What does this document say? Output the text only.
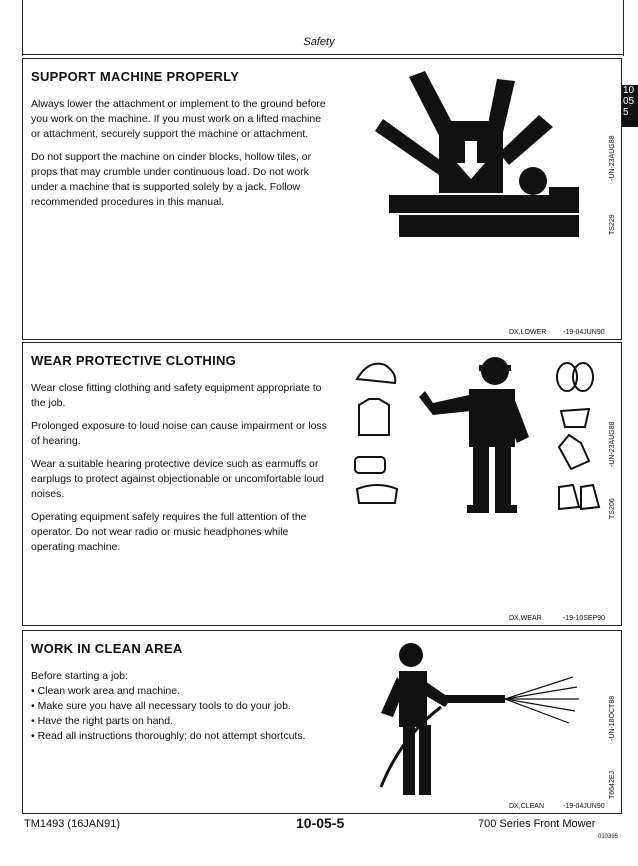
Safety
10
05
5
SUPPORT MACHINE PROPERLY

Always lower the attachment or implement to the ground before you work on the machine. If you must work on a lifted machine or attachment, securely support the machine or attachment.

Do not support the machine on cinder blocks, hollow tiles, or props that may crumble under continuous load. Do not work under a machine that is supported solely by a jack. Follow recommended procedures in this manual.

TS229
-UN-23AUG88
DX,LOWER -19-04JUN90
WEAR PROTECTIVE CLOTHING

Wear close fitting clothing and safety equipment appropriate to the job.

Prolonged exposure to loud noise can cause impairment or loss of hearing.

Wear a suitable hearing protective device such as earmuffs or earplugs to protect against objectionable or uncomfortable loud noises.

Operating equipment safely requires the full attention of the operator. Do not wear radio or music headphones while operating machine.

TS206
-UN-23AUG88
DX,WEAR	-19-10SEP90
WORK IN CLEAN AREA

Before starting a job:

• Clean work area and machine.

• Make sure you have all necessary tools to do your job.

• Have the right parts on hand.

• Read all instructions thoroughly; do not attempt shortcuts.

T6642EJ
-UN-18OCT88
DX,CLEAN	-19-04JUN90
TM1493 (16JAN91)	10-05-5	700 Series Front Mower
010395
